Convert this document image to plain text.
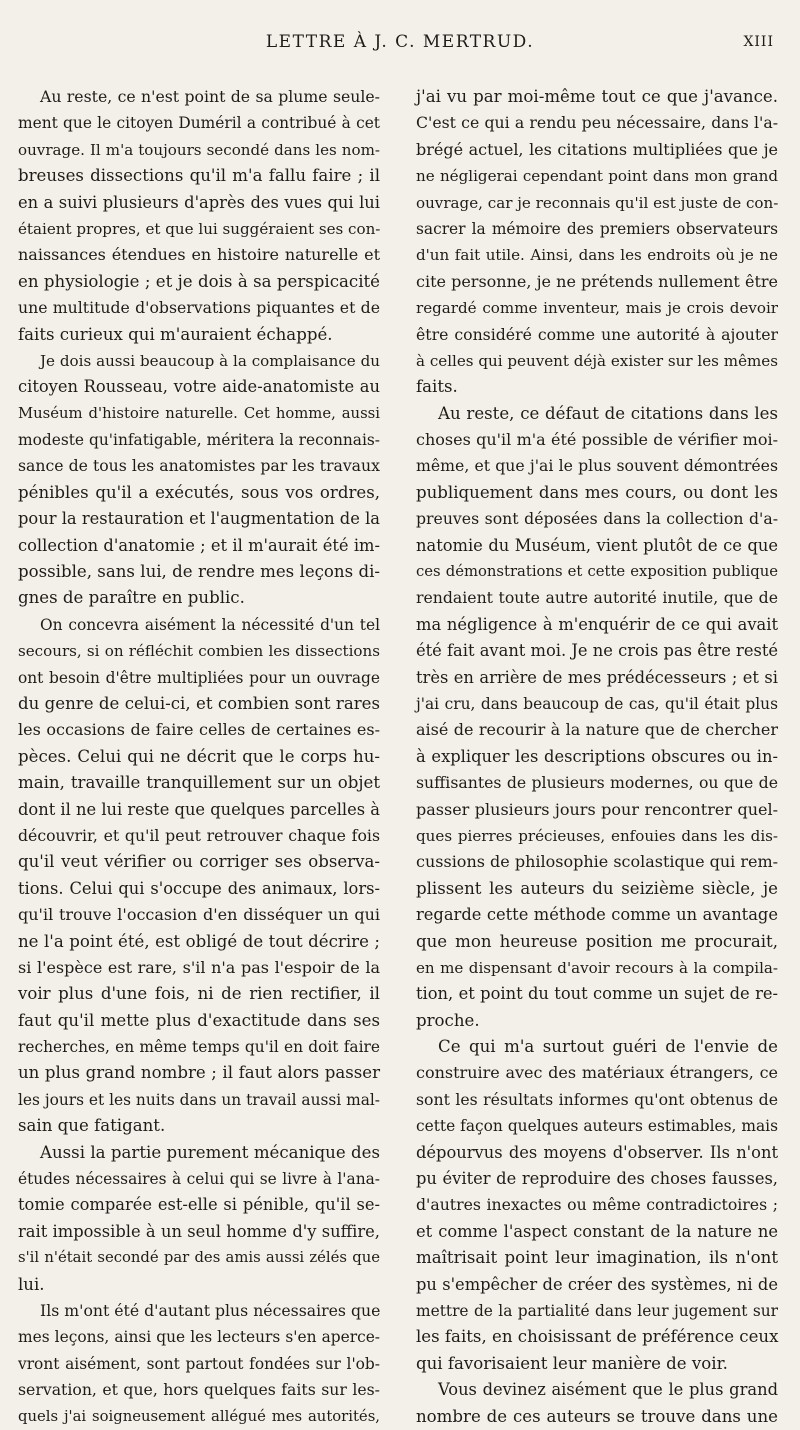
LETTRE À J. C. MERTRUD.	XIII
Au reste, ce n'est point de sa plume seule-
ment que le citoyen Duméril a contribué à cet
ouvrage. Il m'a toujours secondé dans les nom-
breuses dissections qu'il m'a fallu faire ; il
en a suivi plusieurs d'après des vues qui lui
étaient propres, et que lui suggéraient ses con-
naissances étendues en histoire naturelle et
en physiologie ; et je dois à sa perspicacité
une multitude d'observations piquantes et de
faits curieux qui m'auraient échappé.
Je dois aussi beaucoup à la complaisance du
citoyen Rousseau, votre aide-anatomiste au
Muséum d'histoire naturelle. Cet homme, aussi
modeste qu'infatigable, méritera la reconnais-
sance de tous les anatomistes par les travaux
pénibles qu'il a exécutés, sous vos ordres,
pour la restauration et l'augmentation de la
collection d'anatomie ; et il m'aurait été im-
possible, sans lui, de rendre mes leçons di-
gnes de paraître en public.
On concevra aisément la nécessité d'un tel
secours, si on réfléchit combien les dissections
ont besoin d'être multipliées pour un ouvrage
du genre de celui-ci, et combien sont rares
les occasions de faire celles de certaines es-
pèces. Celui qui ne décrit que le corps hu-
main, travaille tranquillement sur un objet
dont il ne lui reste que quelques parcelles à
découvrir, et qu'il peut retrouver chaque fois
qu'il veut vérifier ou corriger ses observa-
tions. Celui qui s'occupe des animaux, lors-
qu'il trouve l'occasion d'en disséquer un qui
ne l'a point été, est obligé de tout décrire ;
si l'espèce est rare, s'il n'a pas l'espoir de la
voir plus d'une fois, ni de rien rectifier, il
faut qu'il mette plus d'exactitude dans ses
recherches, en même temps qu'il en doit faire
un plus grand nombre ; il faut alors passer
les jours et les nuits dans un travail aussi mal-
sain que fatigant.
Aussi la partie purement mécanique des
études nécessaires à celui qui se livre à l'ana-
tomie comparée est-elle si pénible, qu'il se-
rait impossible à un seul homme d'y suffire,
s'il n'était secondé par des amis aussi zélés que
lui.
Ils m'ont été d'autant plus nécessaires que
mes leçons, ainsi que les lecteurs s'en aperce-
vront aisément, sont partout fondées sur l'ob-
servation, et que, hors quelques faits sur les-
quels j'ai soigneusement allégué mes autorités,
j'ai vu par moi-même tout ce que j'avance.
C'est ce qui a rendu peu nécessaire, dans l'a-
brégé actuel, les citations multipliées que je
ne négligerai cependant point dans mon grand
ouvrage, car je reconnais qu'il est juste de con-
sacrer la mémoire des premiers observateurs
d'un fait utile. Ainsi, dans les endroits où je ne
cite personne, je ne prétends nullement être
regardé comme inventeur, mais je crois devoir
être considéré comme une autorité à ajouter
à celles qui peuvent déjà exister sur les mêmes
faits.
Au reste, ce défaut de citations dans les
choses qu'il m'a été possible de vérifier moi-
même, et que j'ai le plus souvent démontrées
publiquement dans mes cours, ou dont les
preuves sont déposées dans la collection d'a-
natomie du Muséum, vient plutôt de ce que
ces démonstrations et cette exposition publique
rendaient toute autre autorité inutile, que de
ma négligence à m'enquérir de ce qui avait
été fait avant moi. Je ne crois pas être resté
très en arrière de mes prédécesseurs ; et si
j'ai cru, dans beaucoup de cas, qu'il était plus
aisé de recourir à la nature que de chercher
à expliquer les descriptions obscures ou in-
suffisantes de plusieurs modernes, ou que de
passer plusieurs jours pour rencontrer quel-
ques pierres précieuses, enfouies dans les dis-
cussions de philosophie scolastique qui rem-
plissent les auteurs du seizième siècle, je
regarde cette méthode comme un avantage
que mon heureuse position me procurait,
en me dispensant d'avoir recours à la compila-
tion, et point du tout comme un sujet de re-
proche.
Ce qui m'a surtout guéri de l'envie de
construire avec des matériaux étrangers, ce
sont les résultats informes qu'ont obtenus de
cette façon quelques auteurs estimables, mais
dépourvus des moyens d'observer. Ils n'ont
pu éviter de reproduire des choses fausses,
d'autres inexactes ou même contradictoires ;
et comme l'aspect constant de la nature ne
maîtrisait point leur imagination, ils n'ont
pu s'empêcher de créer des systèmes, ni de
mettre de la partialité dans leur jugement sur
les faits, en choisissant de préférence ceux
qui favorisaient leur manière de voir.
Vous devinez aisément que le plus grand
nombre de ces auteurs se trouve dans une
